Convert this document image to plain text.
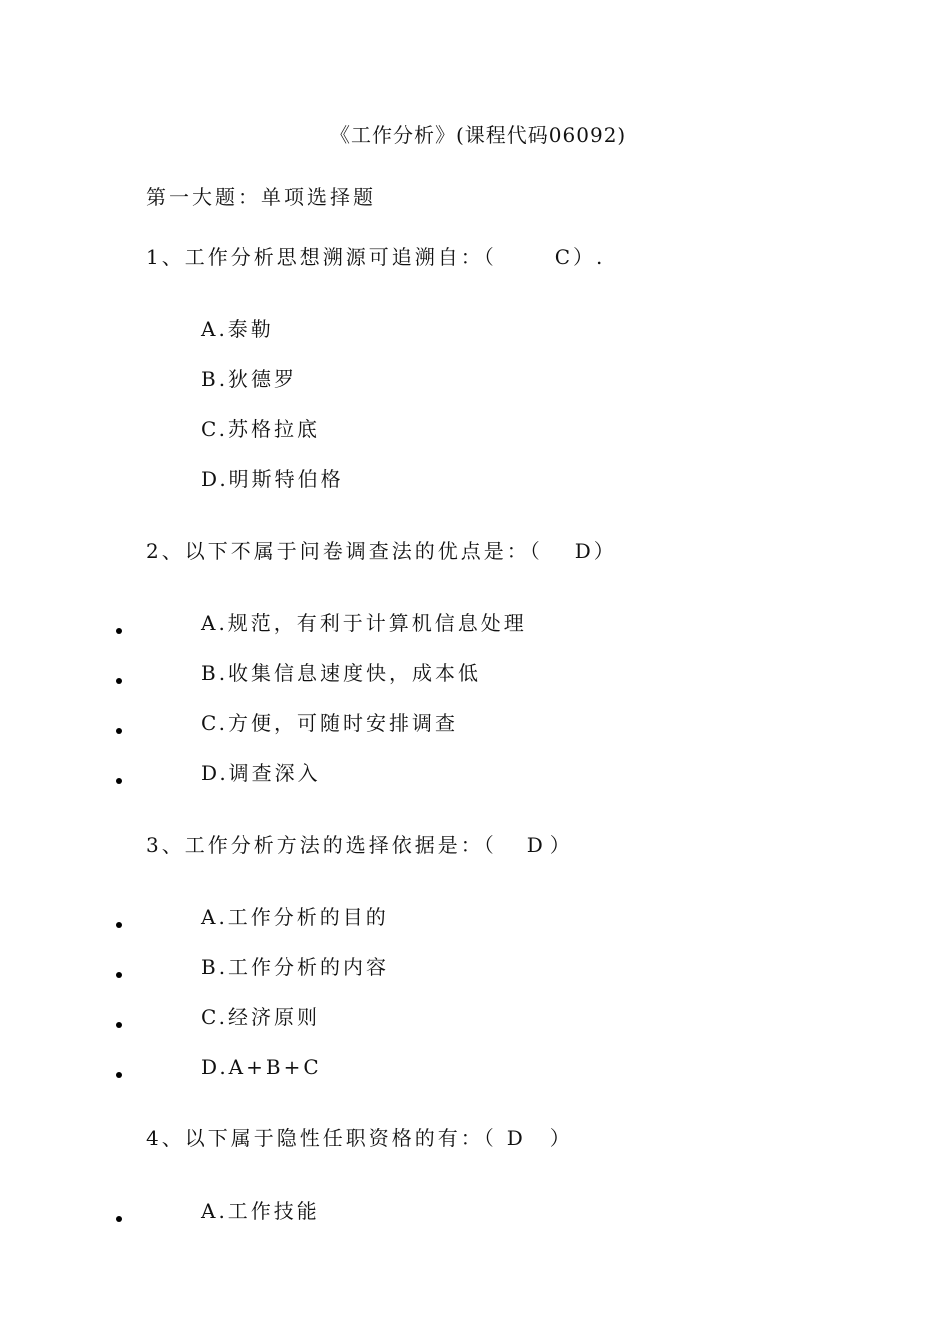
《工作分析》(课程代码06092)
第一大题：单项选择题
1、工作分析思想溯源可追溯自：（	C）.
A.泰勒
B.狄德罗
C.苏格拉底
D.明斯特伯格
2、以下不属于问卷调查法的优点是：（ D）
A.规范，有利于计算机信息处理
B.收集信息速度快，成本低
C.方便，可随时安排调查
D.调查深入
3、工作分析方法的选择依据是：（ D ）
A.工作分析的目的
B.工作分析的内容
C.经济原则
D.A+B+C
4、以下属于隐性任职资格的有：（ D ）
A.工作技能
